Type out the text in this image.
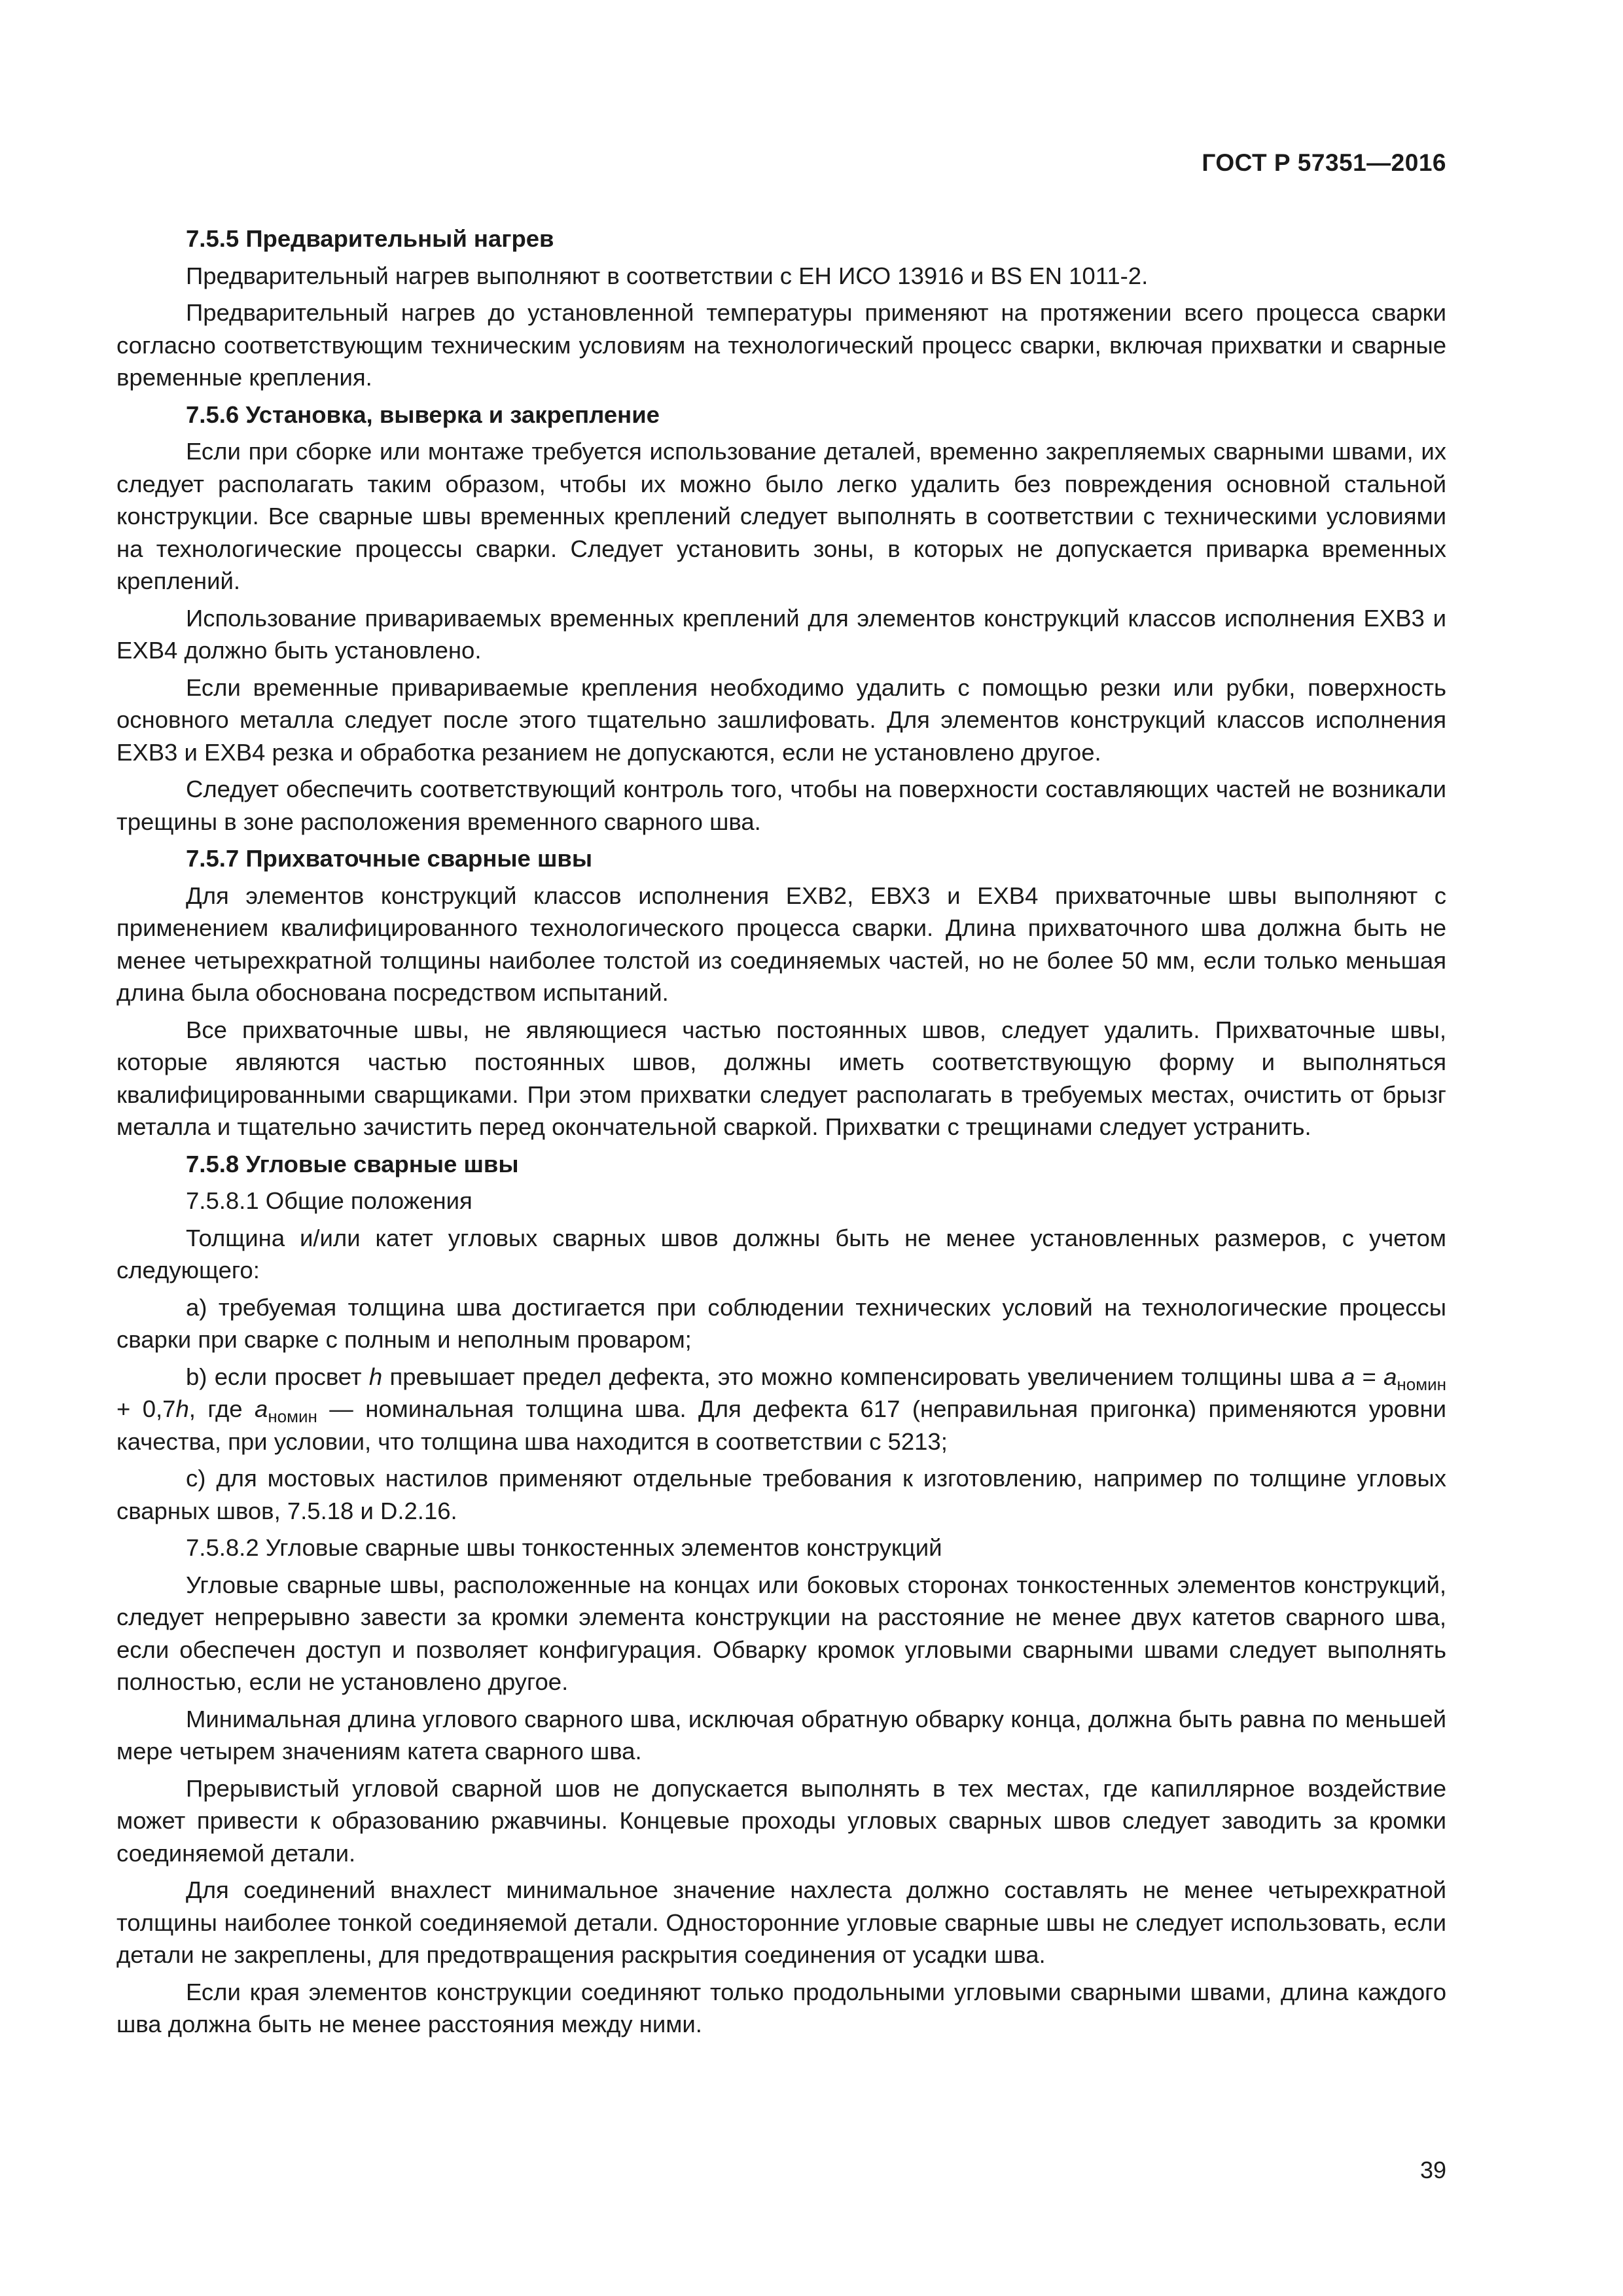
ГОСТ Р 57351—2016

7.5.5 Предварительный нагрев

Предварительный нагрев выполняют в соответствии с ЕН ИСО 13916 и BS EN 1011-2.

Предварительный нагрев до установленной температуры применяют на протяжении всего процесса сварки согласно соответствующим техническим условиям на технологический процесс сварки, включая прихватки и сварные временные крепления.

7.5.6 Установка, выверка и закрепление

Если при сборке или монтаже требуется использование деталей, временно закрепляемых сварными швами, их следует располагать таким образом, чтобы их можно было легко удалить без повреждения основной стальной конструкции. Все сварные швы временных креплений следует выполнять в соответствии с техническими условиями на технологические процессы сварки. Следует установить зоны, в которых не допускается приварка временных креплений.

Использование привариваемых временных креплений для элементов конструкций классов исполнения ЕХВ3 и ЕХВ4 должно быть установлено.

Если временные привариваемые крепления необходимо удалить с помощью резки или рубки, поверхность основного металла следует после этого тщательно зашлифовать. Для элементов конструкций классов исполнения ЕХВ3 и ЕХВ4 резка и обработка резанием не допускаются, если не установлено другое.

Следует обеспечить соответствующий контроль того, чтобы на поверхности составляющих частей не возникали трещины в зоне расположения временного сварного шва.

7.5.7 Прихваточные сварные швы

Для элементов конструкций классов исполнения ЕХВ2, ЕВХ3 и ЕХВ4 прихваточные швы выполняют с применением квалифицированного технологического процесса сварки. Длина прихваточного шва должна быть не менее четырехкратной толщины наиболее толстой из соединяемых частей, но не более 50 мм, если только меньшая длина была обоснована посредством испытаний.

Все прихваточные швы, не являющиеся частью постоянных швов, следует удалить. Прихваточные швы, которые являются частью постоянных швов, должны иметь соответствующую форму и выполняться квалифицированными сварщиками. При этом прихватки следует располагать в требуемых местах, очистить от брызг металла и тщательно зачистить перед окончательной сваркой. Прихватки с трещинами следует устранить.

7.5.8 Угловые сварные швы

7.5.8.1 Общие положения

Толщина и/или катет угловых сварных швов должны быть не менее установленных размеров, с учетом следующего:

а) требуемая толщина шва достигается при соблюдении технических условий на технологические процессы сварки при сварке с полным и неполным проваром;

b) если просвет h превышает предел дефекта, это можно компенсировать увеличением толщины шва $a = a_{номин} + 0,7h$, где $a_{номин}$ — номинальная толщина шва. Для дефекта 617 (неправильная пригонка) применяются уровни качества, при условии, что толщина шва находится в соответствии с 5213;

с) для мостовых настилов применяют отдельные требования к изготовлению, например по толщине угловых сварных швов, 7.5.18 и D.2.16.

7.5.8.2 Угловые сварные швы тонкостенных элементов конструкций

Угловые сварные швы, расположенные на концах или боковых сторонах тонкостенных элементов конструкций, следует непрерывно завести за кромки элемента конструкции на расстояние не менее двух катетов сварного шва, если обеспечен доступ и позволяет конфигурация. Обварку кромок угловыми сварными швами следует выполнять полностью, если не установлено другое.

Минимальная длина углового сварного шва, исключая обратную обварку конца, должна быть равна по меньшей мере четырем значениям катета сварного шва.

Прерывистый угловой сварной шов не допускается выполнять в тех местах, где капиллярное воздействие может привести к образованию ржавчины. Концевые проходы угловых сварных швов следует заводить за кромки соединяемой детали.

Для соединений внахлест минимальное значение нахлеста должно составлять не менее четырехкратной толщины наиболее тонкой соединяемой детали. Односторонние угловые сварные швы не следует использовать, если детали не закреплены, для предотвращения раскрытия соединения от усадки шва.

Если края элементов конструкции соединяют только продольными угловыми сварными швами, длина каждого шва должна быть не менее расстояния между ними.

39
